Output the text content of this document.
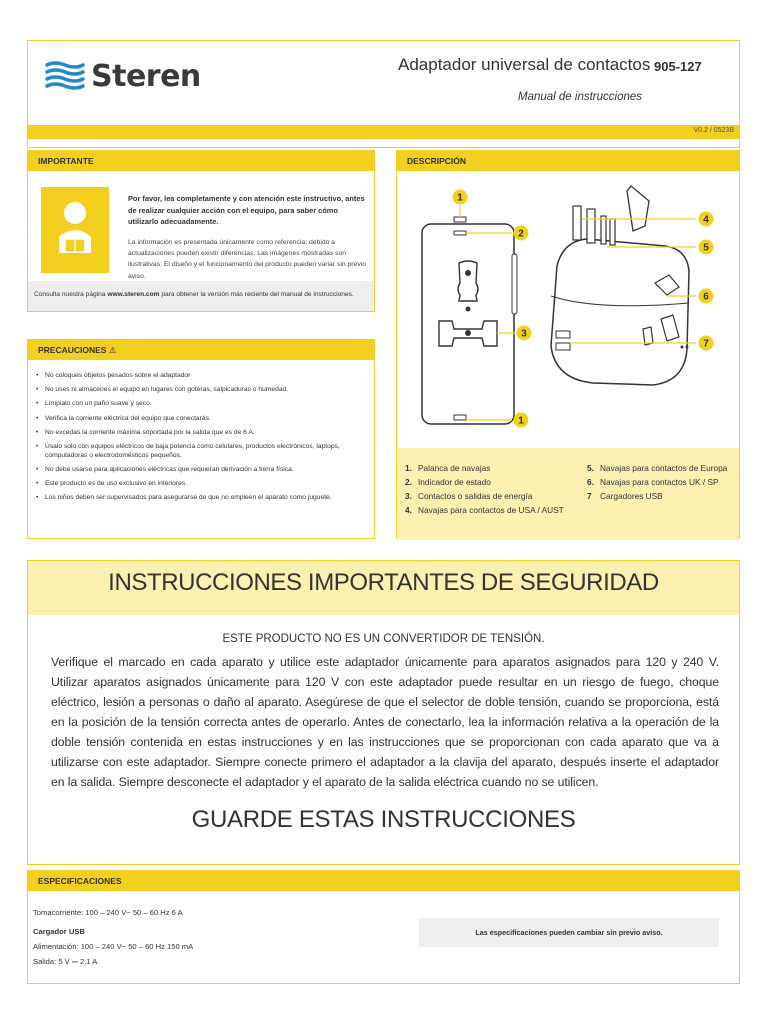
Steren	Adaptador universal de contactos 905-127
Manual de instrucciones
V0.2 / 0523B
IMPORTANTE
Por favor, lea completamente y con atención este instructivo, antes de realizar cualquier acción con el equipo, para saber cómo utilizarlo adecuadamente.
La información es presentada únicamente como referencia; debido a actualizaciones pueden existir diferencias. Las imágenes mostradas son ilustrativas. El diseño y el funcionamiento del producto pueden variar sin previo aviso.
Consulta nuestra página www.steren.com para obtener la versión más reciente del manual de instrucciones.
PRECAUCIONES ⚠
• No coloques objetos pesados sobre el adaptador
• No uses ni almacenes el equipo en lugares con goteras, salpicaduras o humedad.
• Límpialo con un paño suave y seco.
• Verifica la corriente eléctrica del equipo que conectarás.
• No excedas la corriente máxima soportada por la salida que es de 6 A.
• Úsalo solo con equipos eléctricos de baja potencia como celulares, productos electrónicos, laptops, computadoras o electrodomésticos pequeños.
• No debe usarse para aplicaciones eléctricas que requieran derivación a tierra física.
• Este producto es de uso exclusivo en interiores.
• Los niños deben ser supervisados para asegurarse de que no empleen el aparato como juguete.
DESCRIPCIÓN
1
2
3
1
4
5
6
7
1. Palanca de navajas
2. Indicador de estado
3. Contactos o salidas de energía
4. Navajas para contactos de USA / AUST
5. Navajas para contactos de Europa
6. Navajas para contactos UK / SP
7 Cargadores USB
INSTRUCCIONES IMPORTANTES DE SEGURIDAD
ESTE PRODUCTO NO ES UN CONVERTIDOR DE TENSIÓN.
Verifique el marcado en cada aparato y utilice este adaptador únicamente para aparatos asignados para 120 y 240 V. Utilizar aparatos asignados únicamente para 120 V con este adaptador puede resultar en un riesgo de fuego, choque eléctrico, lesión a personas o daño al aparato. Asegúrese de que el selector de doble tensión, cuando se proporciona, está en la posición de la tensión correcta antes de operarlo. Antes de conectarlo, lea la información relativa a la operación de la doble tensión contenida en estas instrucciones y en las instrucciones que se proporcionan con cada aparato que va a utilizarse con este adaptador. Siempre conecte primero el adaptador a la clavija del aparato, después inserte el adaptador en la salida. Siempre desconecte el adaptador y el aparato de la salida eléctrica cuando no se utilicen.
GUARDE ESTAS INSTRUCCIONES
ESPECIFICACIONES
Tomacorriente: 100 – 240 V~ 50 – 60 Hz 6 A
Cargador USB
Alimentación: 100 – 240 V~ 50 – 60 Hz 150 mA
Salida: 5 V ⎓ 2,1 A
Las especificaciones pueden cambiar sin previo aviso.
